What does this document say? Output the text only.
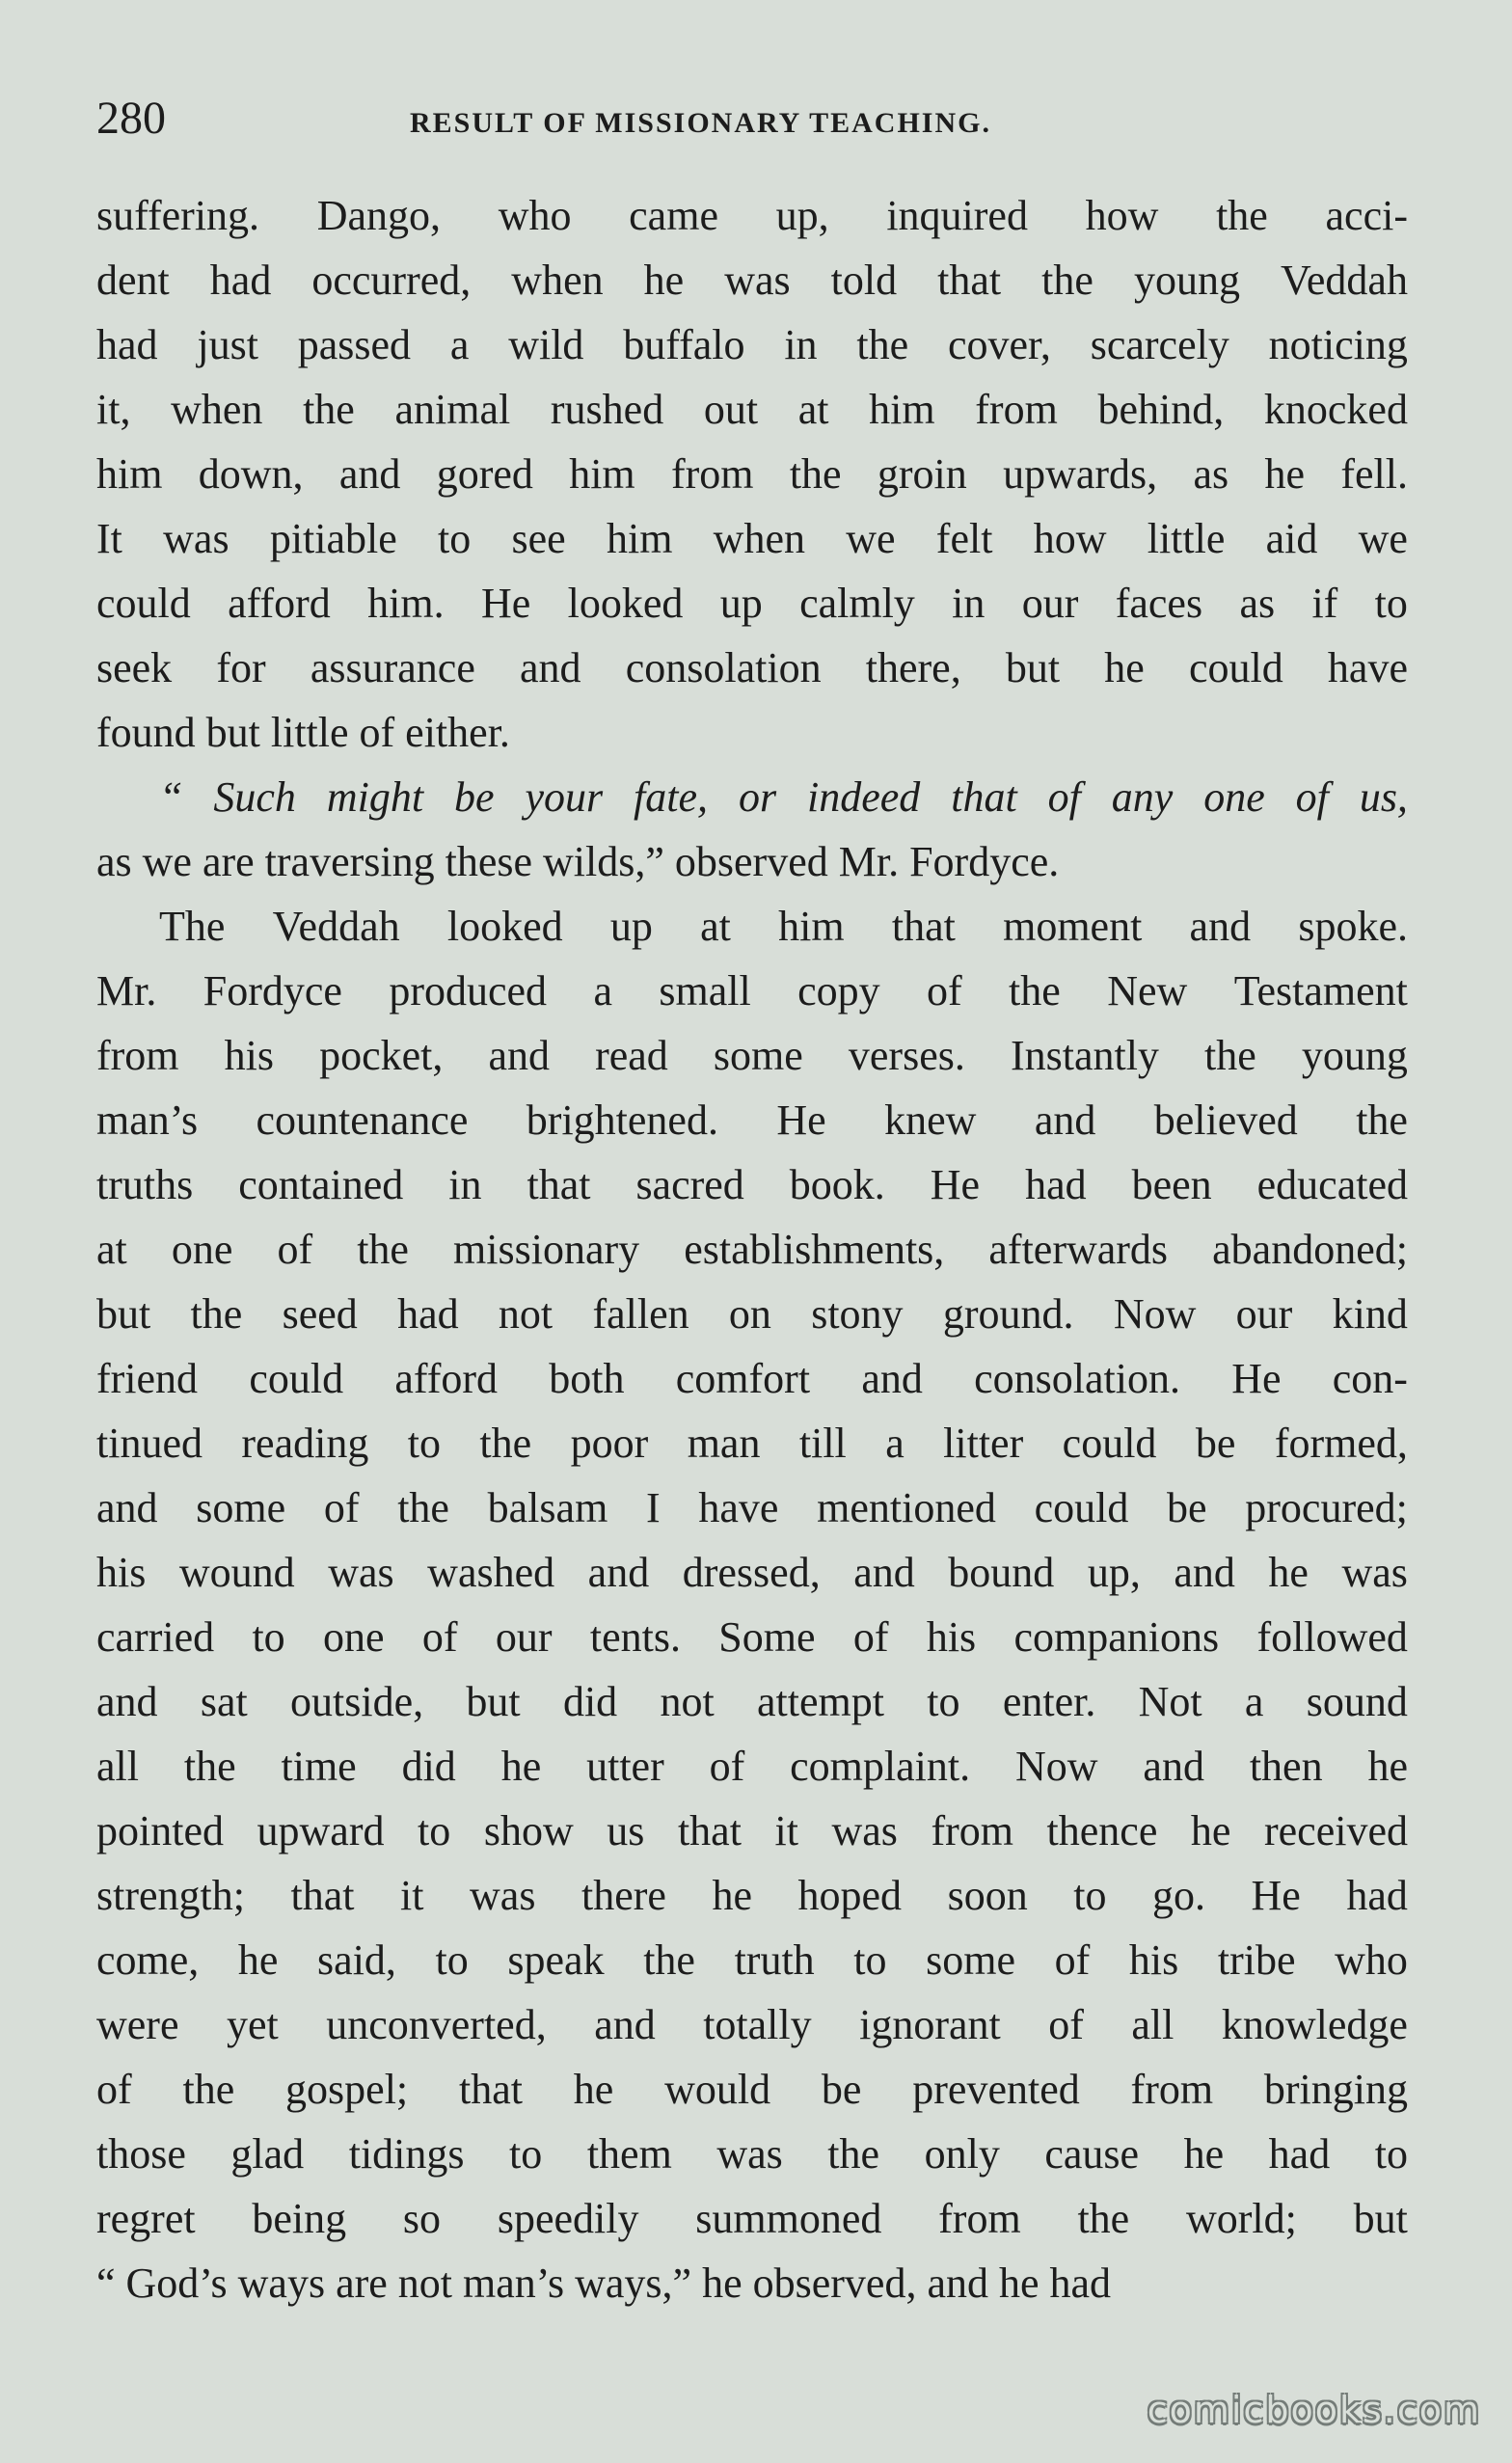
280	RESULT OF MISSIONARY TEACHING.
suffering. Dango, who came up, inquired how the acci-
dent had occurred, when he was told that the young Veddah
had just passed a wild buffalo in the cover, scarcely noticing
it, when the animal rushed out at him from behind, knocked
him down, and gored him from the groin upwards, as he fell.
It was pitiable to see him when we felt how little aid we
could afford him. He looked up calmly in our faces as if to
seek for assurance and consolation there, but he could have
found but little of either.
“ Such might be your fate, or indeed that of any one of us,
as we are traversing these wilds,” observed Mr. Fordyce.
The Veddah looked up at him that moment and spoke.
Mr. Fordyce produced a small copy of the New Testament
from his pocket, and read some verses. Instantly the young
man’s countenance brightened. He knew and believed the
truths contained in that sacred book. He had been educated
at one of the missionary establishments, afterwards abandoned;
but the seed had not fallen on stony ground. Now our kind
friend could afford both comfort and consolation. He con-
tinued reading to the poor man till a litter could be formed,
and some of the balsam I have mentioned could be procured;
his wound was washed and dressed, and bound up, and he was
carried to one of our tents. Some of his companions followed
and sat outside, but did not attempt to enter. Not a sound
all the time did he utter of complaint. Now and then he
pointed upward to show us that it was from thence he received
strength; that it was there he hoped soon to go. He had
come, he said, to speak the truth to some of his tribe who
were yet unconverted, and totally ignorant of all knowledge
of the gospel; that he would be prevented from bringing
those glad tidings to them was the only cause he had to
regret being so speedily summoned from the world; but
“ God’s ways are not man’s ways,” he observed, and he had
comicbooks.com
